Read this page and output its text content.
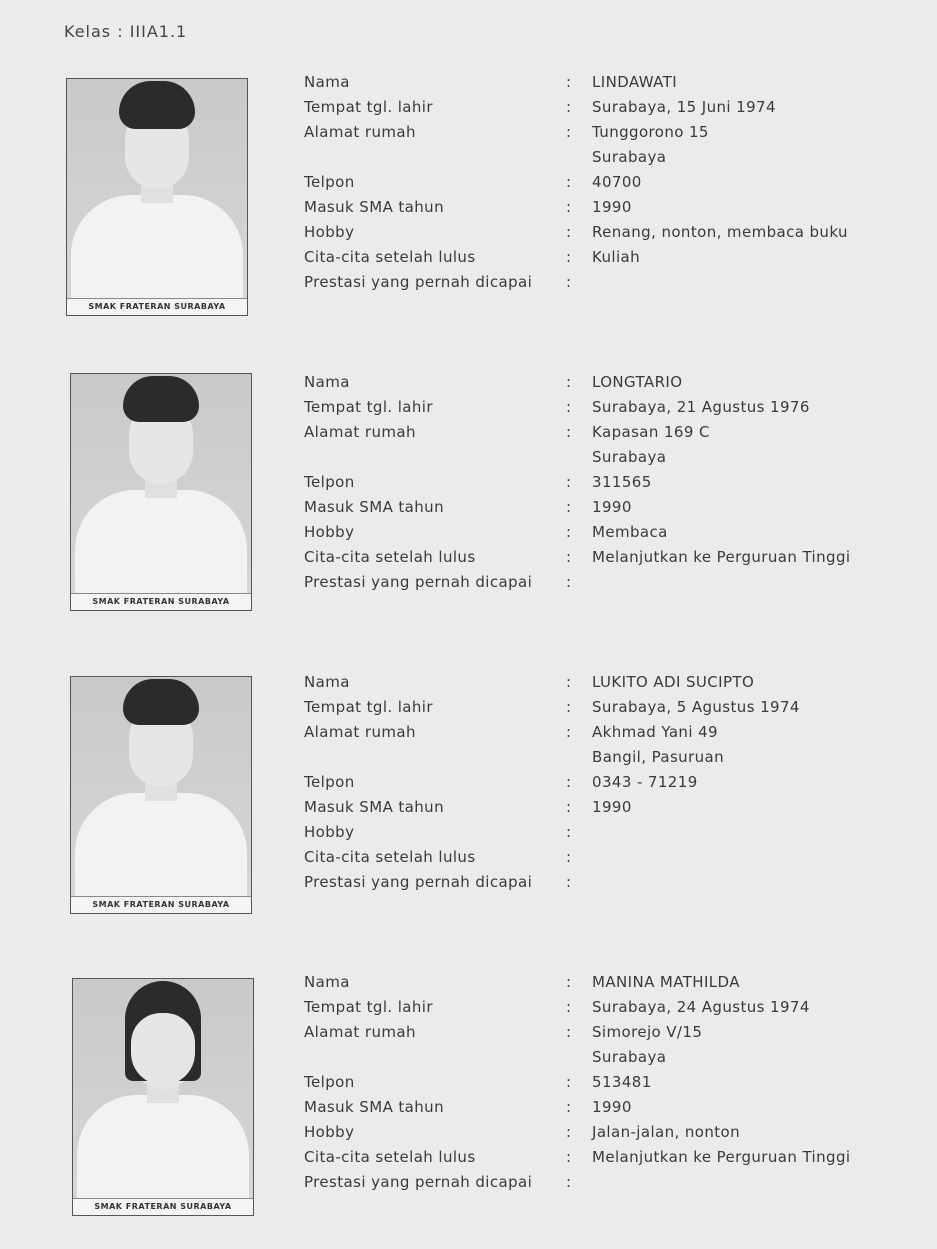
Kelas : IIIA1.1
SMAK FRATERAN SURABAYA
Nama	: LINDAWATI
Tempat tgl. lahir	: Surabaya, 15 Juni 1974
Alamat rumah	: Tunggorono 15
Surabaya
Telpon	: 40700
Masuk SMA tahun	: 1990
Hobby	: Renang, nonton, membaca buku
Cita-cita setelah lulus	: Kuliah
Prestasi yang pernah dicapai :
SMAK FRATERAN SURABAYA
Nama	: LONGTARIO
Tempat tgl. lahir	: Surabaya, 21 Agustus 1976
Alamat rumah	: Kapasan 169 C
Surabaya
Telpon	: 311565
Masuk SMA tahun	: 1990
Hobby	: Membaca
Cita-cita setelah lulus	: Melanjutkan ke Perguruan Tinggi
Prestasi yang pernah dicapai :
SMAK FRATERAN SURABAYA
Nama	: LUKITO ADI SUCIPTO
Tempat tgl. lahir	: Surabaya, 5 Agustus 1974
Alamat rumah	: Akhmad Yani 49
Bangil, Pasuruan
Telpon	: 0343 - 71219
Masuk SMA tahun	: 1990
Hobby	:
Cita-cita setelah lulus	:
Prestasi yang pernah dicapai :
SMAK FRATERAN SURABAYA
Nama	: MANINA MATHILDA
Tempat tgl. lahir	: Surabaya, 24 Agustus 1974
Alamat rumah	: Simorejo V/15
Surabaya
Telpon	: 513481
Masuk SMA tahun	: 1990
Hobby	: Jalan-jalan, nonton
Cita-cita setelah lulus	: Melanjutkan ke Perguruan Tinggi
Prestasi yang pernah dicapai :
